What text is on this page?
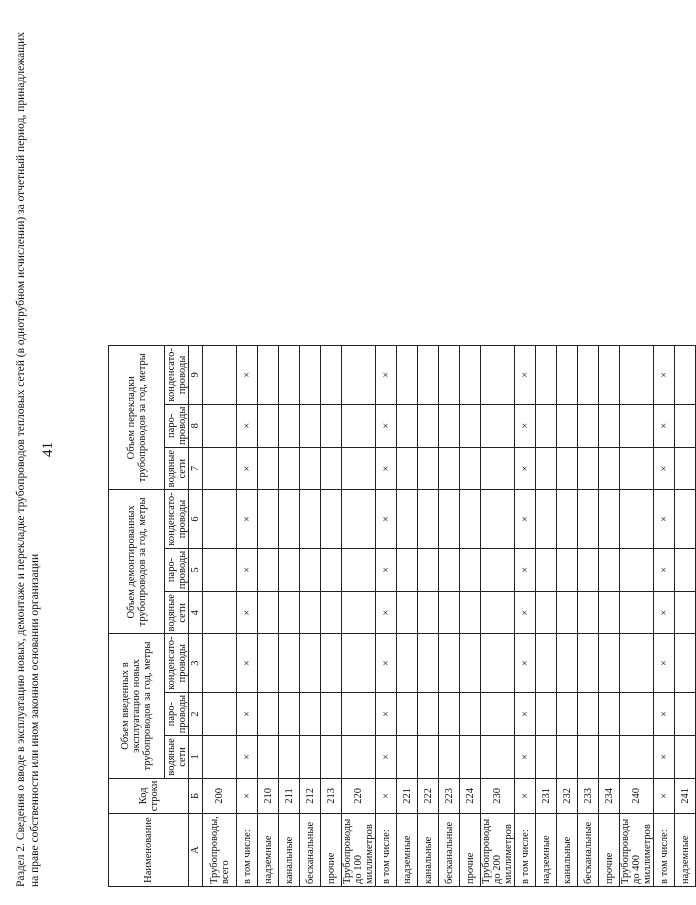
Раздел 2. Сведения о вводе в эксплуатацию новых, демонтаже и перекладке трубопроводов тепловых сетей (в однотрубном исчислении) за отчетный период, принадлежащих на праве собственности или ином законном основании организации
41
Наименование	Код строки	Объем введенных в эксплуатацию новых трубопроводов за год, метры			Объем демонтированных трубопроводов за год, метры			Объем перекладки трубопроводов за год, метры		
		водяные сети	паро-проводы	конденсато-проводы	водяные сети	паро-проводы	конденсато-проводы	водяные сети	паро-проводы	конденсато-проводы
А	Б	1	2	3	4	5	6	7	8	9
Трубопроводы, всего	200									
в том числе:	×	×	×	×	×	×	×	×	×	×
надземные	210									
канальные	211									
бесканальные	212									
прочие	213									
Трубопроводы до 100 миллиметров	220									
в том числе:	×	×	×	×	×	×	×	×	×	×
надземные	221									
канальные	222									
бесканальные	223									
прочие	224									
Трубопроводы до 200 миллиметров	230									
в том числе:	×	×	×	×	×	×	×	×	×	×
надземные	231									
канальные	232									
бесканальные	233									
прочие	234									
Трубопроводы до 400 миллиметров	240									
в том числе:	×	×	×	×	×	×	×	×	×	×
надземные	241									
